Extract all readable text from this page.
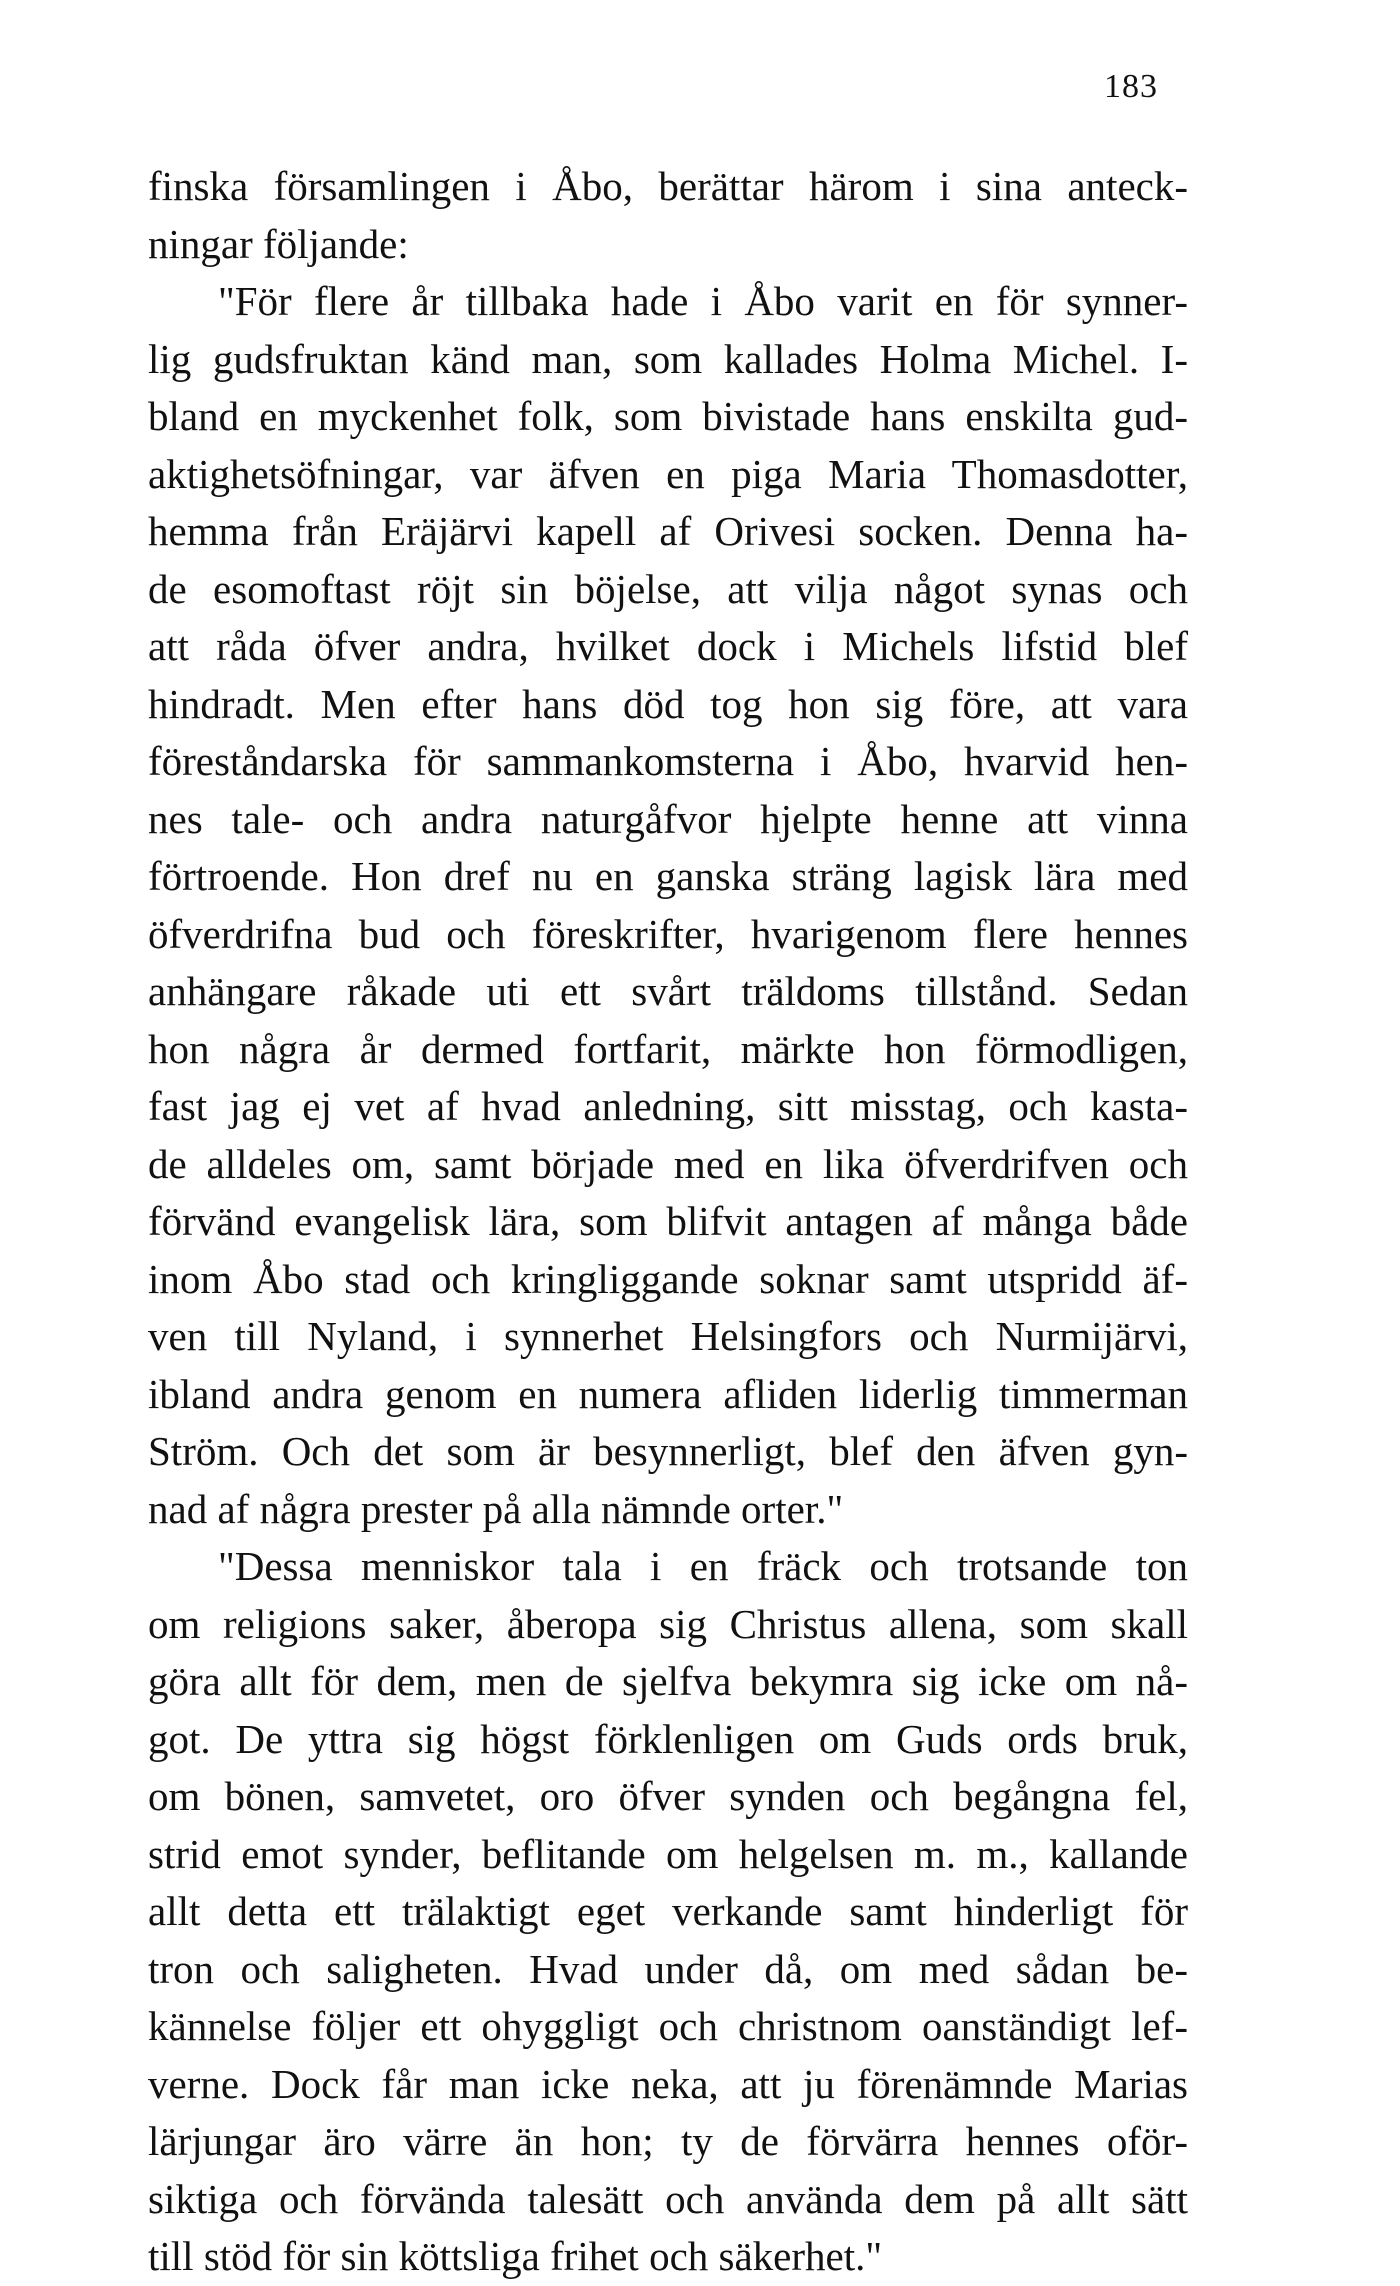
183
finska församlingen i Åbo, berättar härom i sina anteck-
ningar följande:
"För flere år tillbaka hade i Åbo varit en för synner-
lig gudsfruktan känd man, som kallades Holma Michel. I-
bland en myckenhet folk, som bivistade hans enskilta gud-
aktighetsöfningar, var äfven en piga Maria Thomasdotter,
hemma från Eräjärvi kapell af Orivesi socken. Denna ha-
de esomoftast röjt sin böjelse, att vilja något synas och
att råda öfver andra, hvilket dock i Michels lifstid blef
hindradt. Men efter hans död tog hon sig före, att vara
föreståndarska för sammankomsterna i Åbo, hvarvid hen-
nes tale- och andra naturgåfvor hjelpte henne att vinna
förtroende. Hon dref nu en ganska sträng lagisk lära med
öfverdrifna bud och föreskrifter, hvarigenom flere hennes
anhängare råkade uti ett svårt träldoms tillstånd. Sedan
hon några år dermed fortfarit, märkte hon förmodligen,
fast jag ej vet af hvad anledning, sitt misstag, och kasta-
de alldeles om, samt började med en lika öfverdrifven och
förvänd evangelisk lära, som blifvit antagen af många både
inom Åbo stad och kringliggande soknar samt utspridd äf-
ven till Nyland, i synnerhet Helsingfors och Nurmijärvi,
ibland andra genom en numera afliden liderlig timmerman
Ström. Och det som är besynnerligt, blef den äfven gyn-
nad af några prester på alla nämnde orter."
"Dessa menniskor tala i en fräck och trotsande ton
om religions saker, åberopa sig Christus allena, som skall
göra allt för dem, men de sjelfva bekymra sig icke om nå-
got. De yttra sig högst förklenligen om Guds ords bruk,
om bönen, samvetet, oro öfver synden och begångna fel,
strid emot synder, beflitande om helgelsen m. m., kallande
allt detta ett trälaktigt eget verkande samt hinderligt för
tron och saligheten. Hvad under då, om med sådan be-
kännelse följer ett ohyggligt och christnom oanständigt lef-
verne. Dock får man icke neka, att ju förenämnde Marias
lärjungar äro värre än hon; ty de förvärra hennes oför-
siktiga och förvända talesätt och använda dem på allt sätt
till stöd för sin köttsliga frihet och säkerhet."
